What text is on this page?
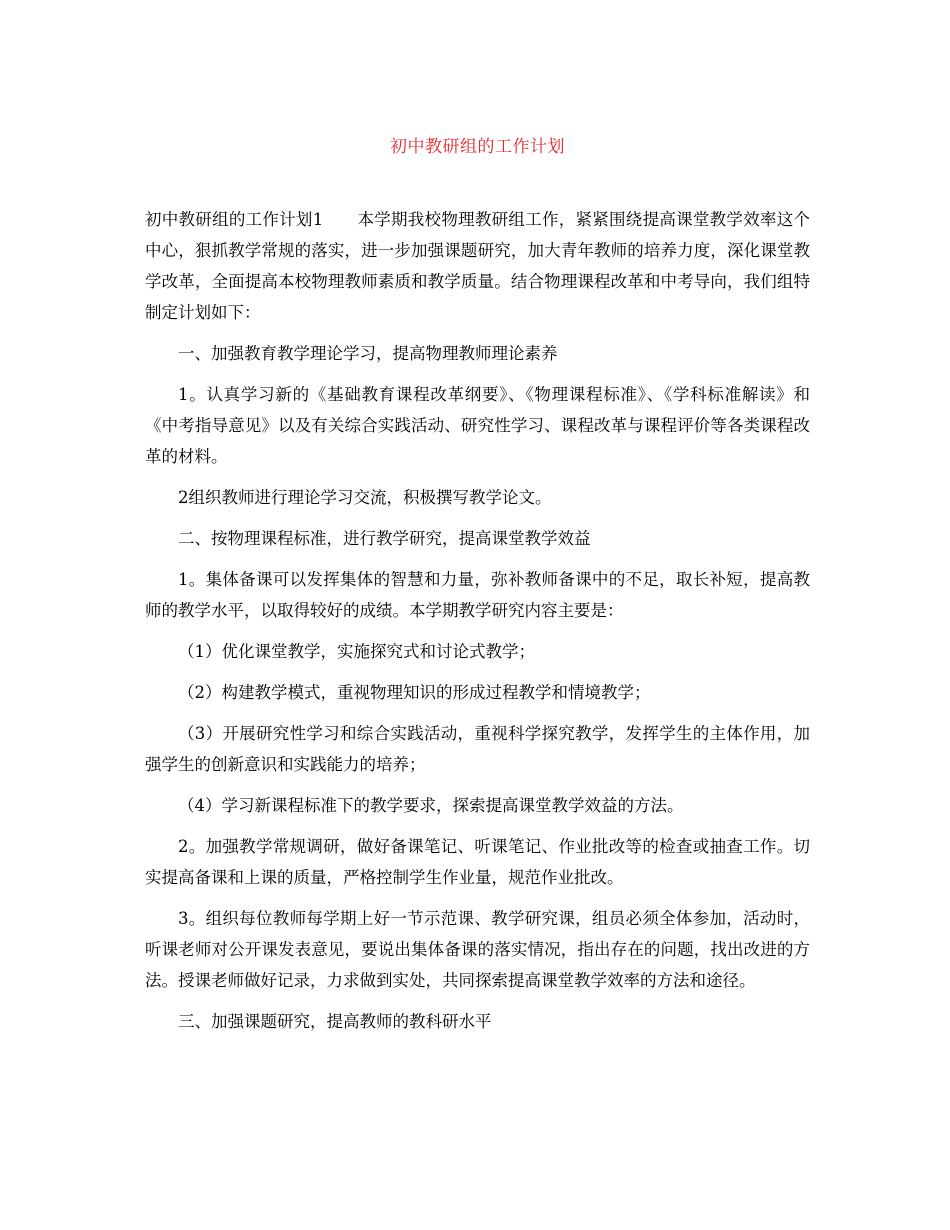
初中教研组的工作计划

初中教研组的工作计划1 本学期我校物理教研组工作，紧紧围绕提高课堂教学效率这个中心，狠抓教学常规的落实，进一步加强课题研究，加大青年教师的培养力度，深化课堂教学改革，全面提高本校物理教师素质和教学质量。结合物理课程改革和中考导向，我们组特制定计划如下：

一、加强教育教学理论学习，提高物理教师理论素养

1。认真学习新的《基础教育课程改革纲要》、《物理课程标准》、《学科标准解读》和《中考指导意见》以及有关综合实践活动、研究性学习、课程改革与课程评价等各类课程改革的材料。

2组织教师进行理论学习交流，积极撰写教学论文。

二、按物理课程标准，进行教学研究，提高课堂教学效益

1。集体备课可以发挥集体的智慧和力量，弥补教师备课中的不足，取长补短，提高教师的教学水平，以取得较好的成绩。本学期教学研究内容主要是：

（1）优化课堂教学，实施探究式和讨论式教学；

（2）构建教学模式，重视物理知识的形成过程教学和情境教学；

（3）开展研究性学习和综合实践活动，重视科学探究教学，发挥学生的主体作用，加强学生的创新意识和实践能力的培养；

（4）学习新课程标准下的教学要求，探索提高课堂教学效益的方法。

2。加强教学常规调研，做好备课笔记、听课笔记、作业批改等的检查或抽查工作。切实提高备课和上课的质量，严格控制学生作业量，规范作业批改。

3。组织每位教师每学期上好一节示范课、教学研究课，组员必须全体参加，活动时，听课老师对公开课发表意见，要说出集体备课的落实情况，指出存在的问题，找出改进的方法。授课老师做好记录，力求做到实处，共同探索提高课堂教学效率的方法和途径。

三、加强课题研究，提高教师的教科研水平
